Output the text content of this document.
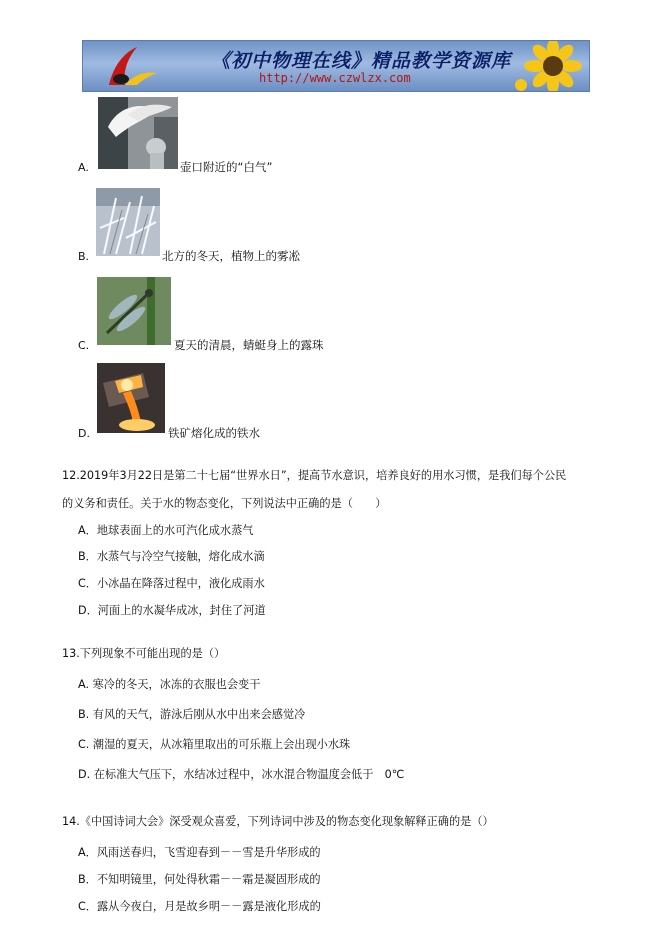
《初中物理在线》精品教学资源库
http://www.czwlzx.com
A.	壶口附近的“白气”
B.	北方的冬天，植物上的雾凇
C.	夏天的清晨，蜻蜓身上的露珠
D.	铁矿熔化成的铁水
12.2019年3月22日是第二十七届“世界水日”，提高节水意识，培养良好的用水习惯，是我们每个公民
的义务和责任。关于水的物态变化，下列说法中正确的是（　　）
A．地球表面上的水可汽化成水蒸气
B．水蒸气与冷空气接触，熔化成水滴
C．小冰晶在降落过程中，液化成雨水
D．河面上的水凝华成冰，封住了河道
13.下列现象不可能出现的是（）
A. 寒冷的冬天，冰冻的衣服也会变干
B. 有风的天气，游泳后刚从水中出来会感觉冷
C. 潮湿的夏天，从冰箱里取出的可乐瓶上会出现小水珠
D. 在标准大气压下，水结冰过程中，冰水混合物温度会低于　0℃
14.《中国诗词大会》深受观众喜爱，下列诗词中涉及的物态变化现象解释正确的是（）
A．风雨送春归，飞雪迎春到－－雪是升华形成的
B．不知明镜里，何处得秋霜－－霜是凝固形成的
C．露从今夜白，月是故乡明－－露是液化形成的
